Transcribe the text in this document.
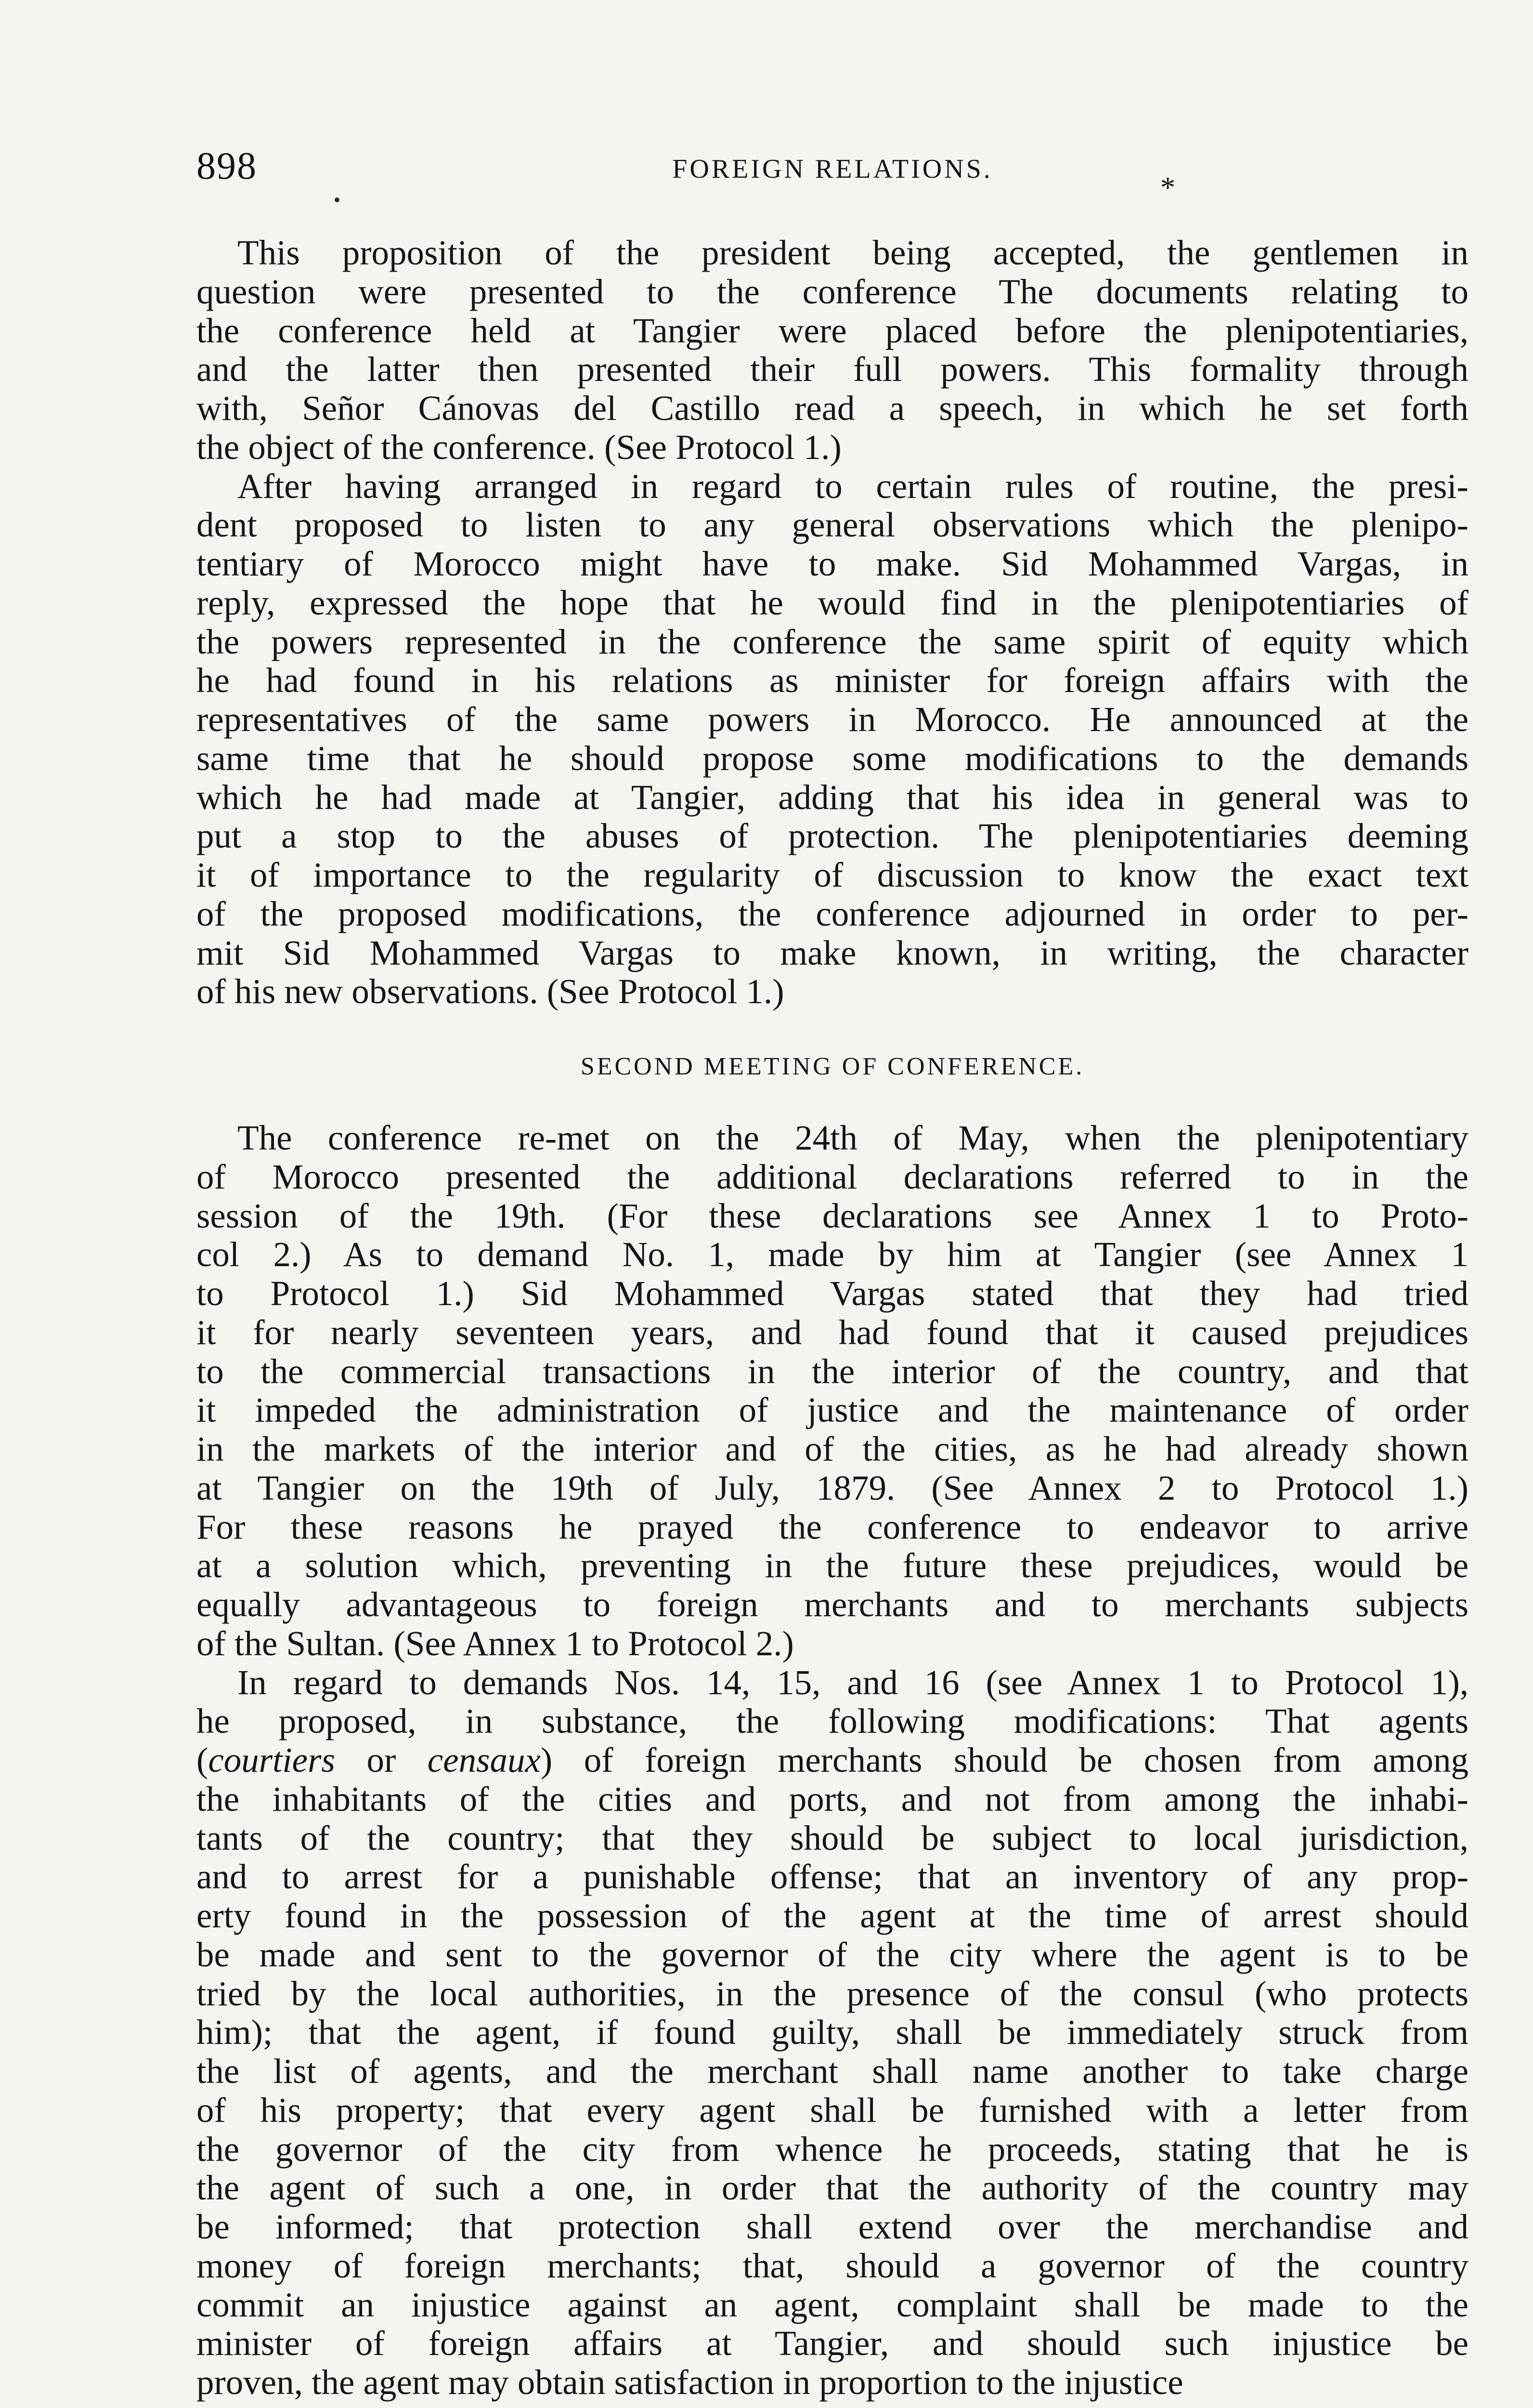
898	FOREIGN RELATIONS.
*
This proposition of the president being accepted, the gentlemen in
question were presented to the conference The documents relating to
the conference held at Tangier were placed before the plenipotentiaries,
and the latter then presented their full powers. This formality through
with, Señor Cánovas del Castillo read a speech, in which he set forth
the object of the conference. (See Protocol 1.)
After having arranged in regard to certain rules of routine, the presi-
dent proposed to listen to any general observations which the plenipo-
tentiary of Morocco might have to make. Sid Mohammed Vargas, in
reply, expressed the hope that he would find in the plenipotentiaries of
the powers represented in the conference the same spirit of equity which
he had found in his relations as minister for foreign affairs with the
representatives of the same powers in Morocco. He announced at the
same time that he should propose some modifications to the demands
which he had made at Tangier, adding that his idea in general was to
put a stop to the abuses of protection. The plenipotentiaries deeming
it of importance to the regularity of discussion to know the exact text
of the proposed modifications, the conference adjourned in order to per-
mit Sid Mohammed Vargas to make known, in writing, the character
of his new observations. (See Protocol 1.)
SECOND MEETING OF CONFERENCE.
The conference re-met on the 24th of May, when the plenipotentiary
of Morocco presented the additional declarations referred to in the
session of the 19th. (For these declarations see Annex 1 to Proto-
col 2.) As to demand No. 1, made by him at Tangier (see Annex 1
to Protocol 1.) Sid Mohammed Vargas stated that they had tried
it for nearly seventeen years, and had found that it caused prejudices
to the commercial transactions in the interior of the country, and that
it impeded the administration of justice and the maintenance of order
in the markets of the interior and of the cities, as he had already shown
at Tangier on the 19th of July, 1879. (See Annex 2 to Protocol 1.)
For these reasons he prayed the conference to endeavor to arrive
at a solution which, preventing in the future these prejudices, would be
equally advantageous to foreign merchants and to merchants subjects
of the Sultan. (See Annex 1 to Protocol 2.)
In regard to demands Nos. 14, 15, and 16 (see Annex 1 to Protocol 1),
he proposed, in substance, the following modifications: That agents
(courtiers or censaux) of foreign merchants should be chosen from among
the inhabitants of the cities and ports, and not from among the inhabi-
tants of the country; that they should be subject to local jurisdiction,
and to arrest for a punishable offense; that an inventory of any prop-
erty found in the possession of the agent at the time of arrest should
be made and sent to the governor of the city where the agent is to be
tried by the local authorities, in the presence of the consul (who protects
him); that the agent, if found guilty, shall be immediately struck from
the list of agents, and the merchant shall name another to take charge
of his property; that every agent shall be furnished with a letter from
the governor of the city from whence he proceeds, stating that he is
the agent of such a one, in order that the authority of the country may
be informed; that protection shall extend over the merchandise and
money of foreign merchants; that, should a governor of the country
commit an injustice against an agent, complaint shall be made to the
minister of foreign affairs at Tangier, and should such injustice be
proven, the agent may obtain satisfaction in proportion to the injustice
